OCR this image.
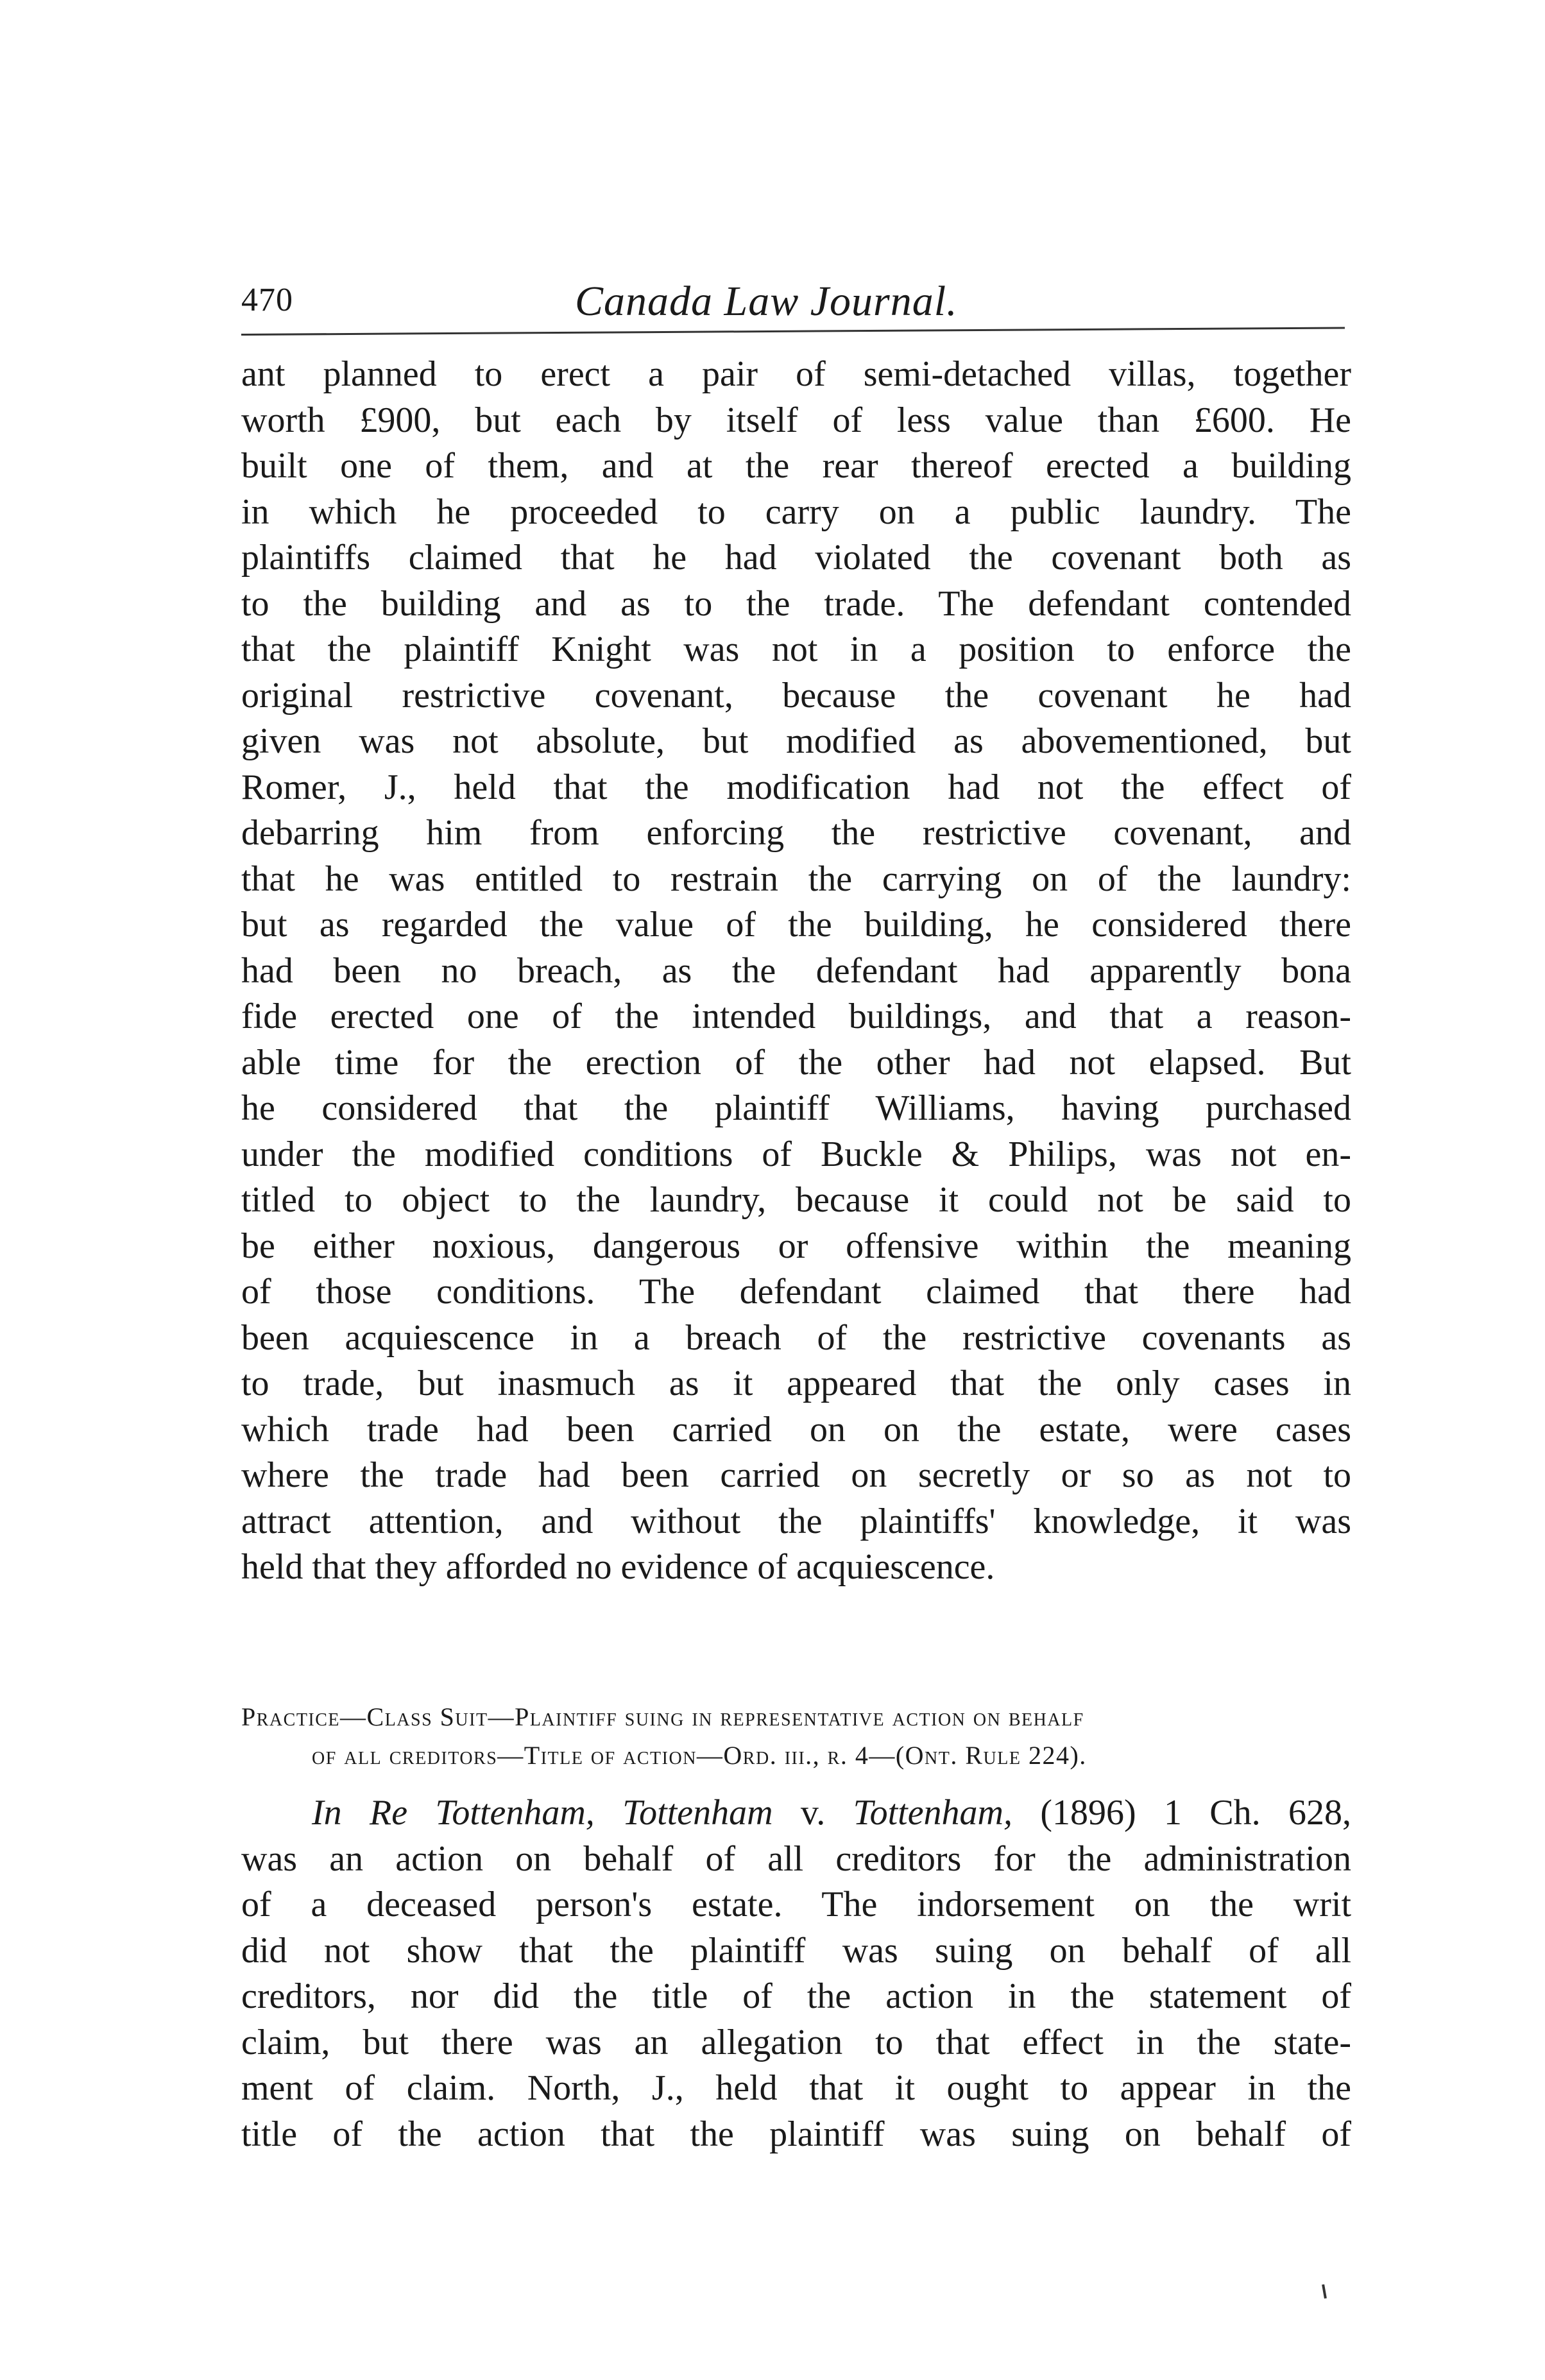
470	Canada Law Journal.
ant planned to erect a pair of semi-detached villas, together
worth £900, but each by itself of less value than £600. He
built one of them, and at the rear thereof erected a building
in which he proceeded to carry on a public laundry. The
plaintiffs claimed that he had violated the covenant both as
to the building and as to the trade. The defendant contended
that the plaintiff Knight was not in a position to enforce the
original restrictive covenant, because the covenant he had
given was not absolute, but modified as abovementioned, but
Romer, J., held that the modification had not the effect of
debarring him from enforcing the restrictive covenant, and
that he was entitled to restrain the carrying on of the laundry:
but as regarded the value of the building, he considered there
had been no breach, as the defendant had apparently bona
fide erected one of the intended buildings, and that a reason-
able time for the erection of the other had not elapsed. But
he considered that the plaintiff Williams, having purchased
under the modified conditions of Buckle & Philips, was not en-
titled to object to the laundry, because it could not be said to
be either noxious, dangerous or offensive within the meaning
of those conditions. The defendant claimed that there had
been acquiescence in a breach of the restrictive covenants as
to trade, but inasmuch as it appeared that the only cases in
which trade had been carried on on the estate, were cases
where the trade had been carried on secretly or so as not to
attract attention, and without the plaintiffs' knowledge, it was
held that they afforded no evidence of acquiescence.
Practice—Class Suit—Plaintiff suing in representative action on behalf
of all creditors—Title of action—Ord. iii., r. 4—(Ont. Rule 224).
In Re Tottenham, Tottenham v. Tottenham, (1896) 1 Ch. 628,
was an action on behalf of all creditors for the administration
of a deceased person's estate. The indorsement on the writ
did not show that the plaintiff was suing on behalf of all
creditors, nor did the title of the action in the statement of
claim, but there was an allegation to that effect in the state-
ment of claim. North, J., held that it ought to appear in the
title of the action that the plaintiff was suing on behalf of
